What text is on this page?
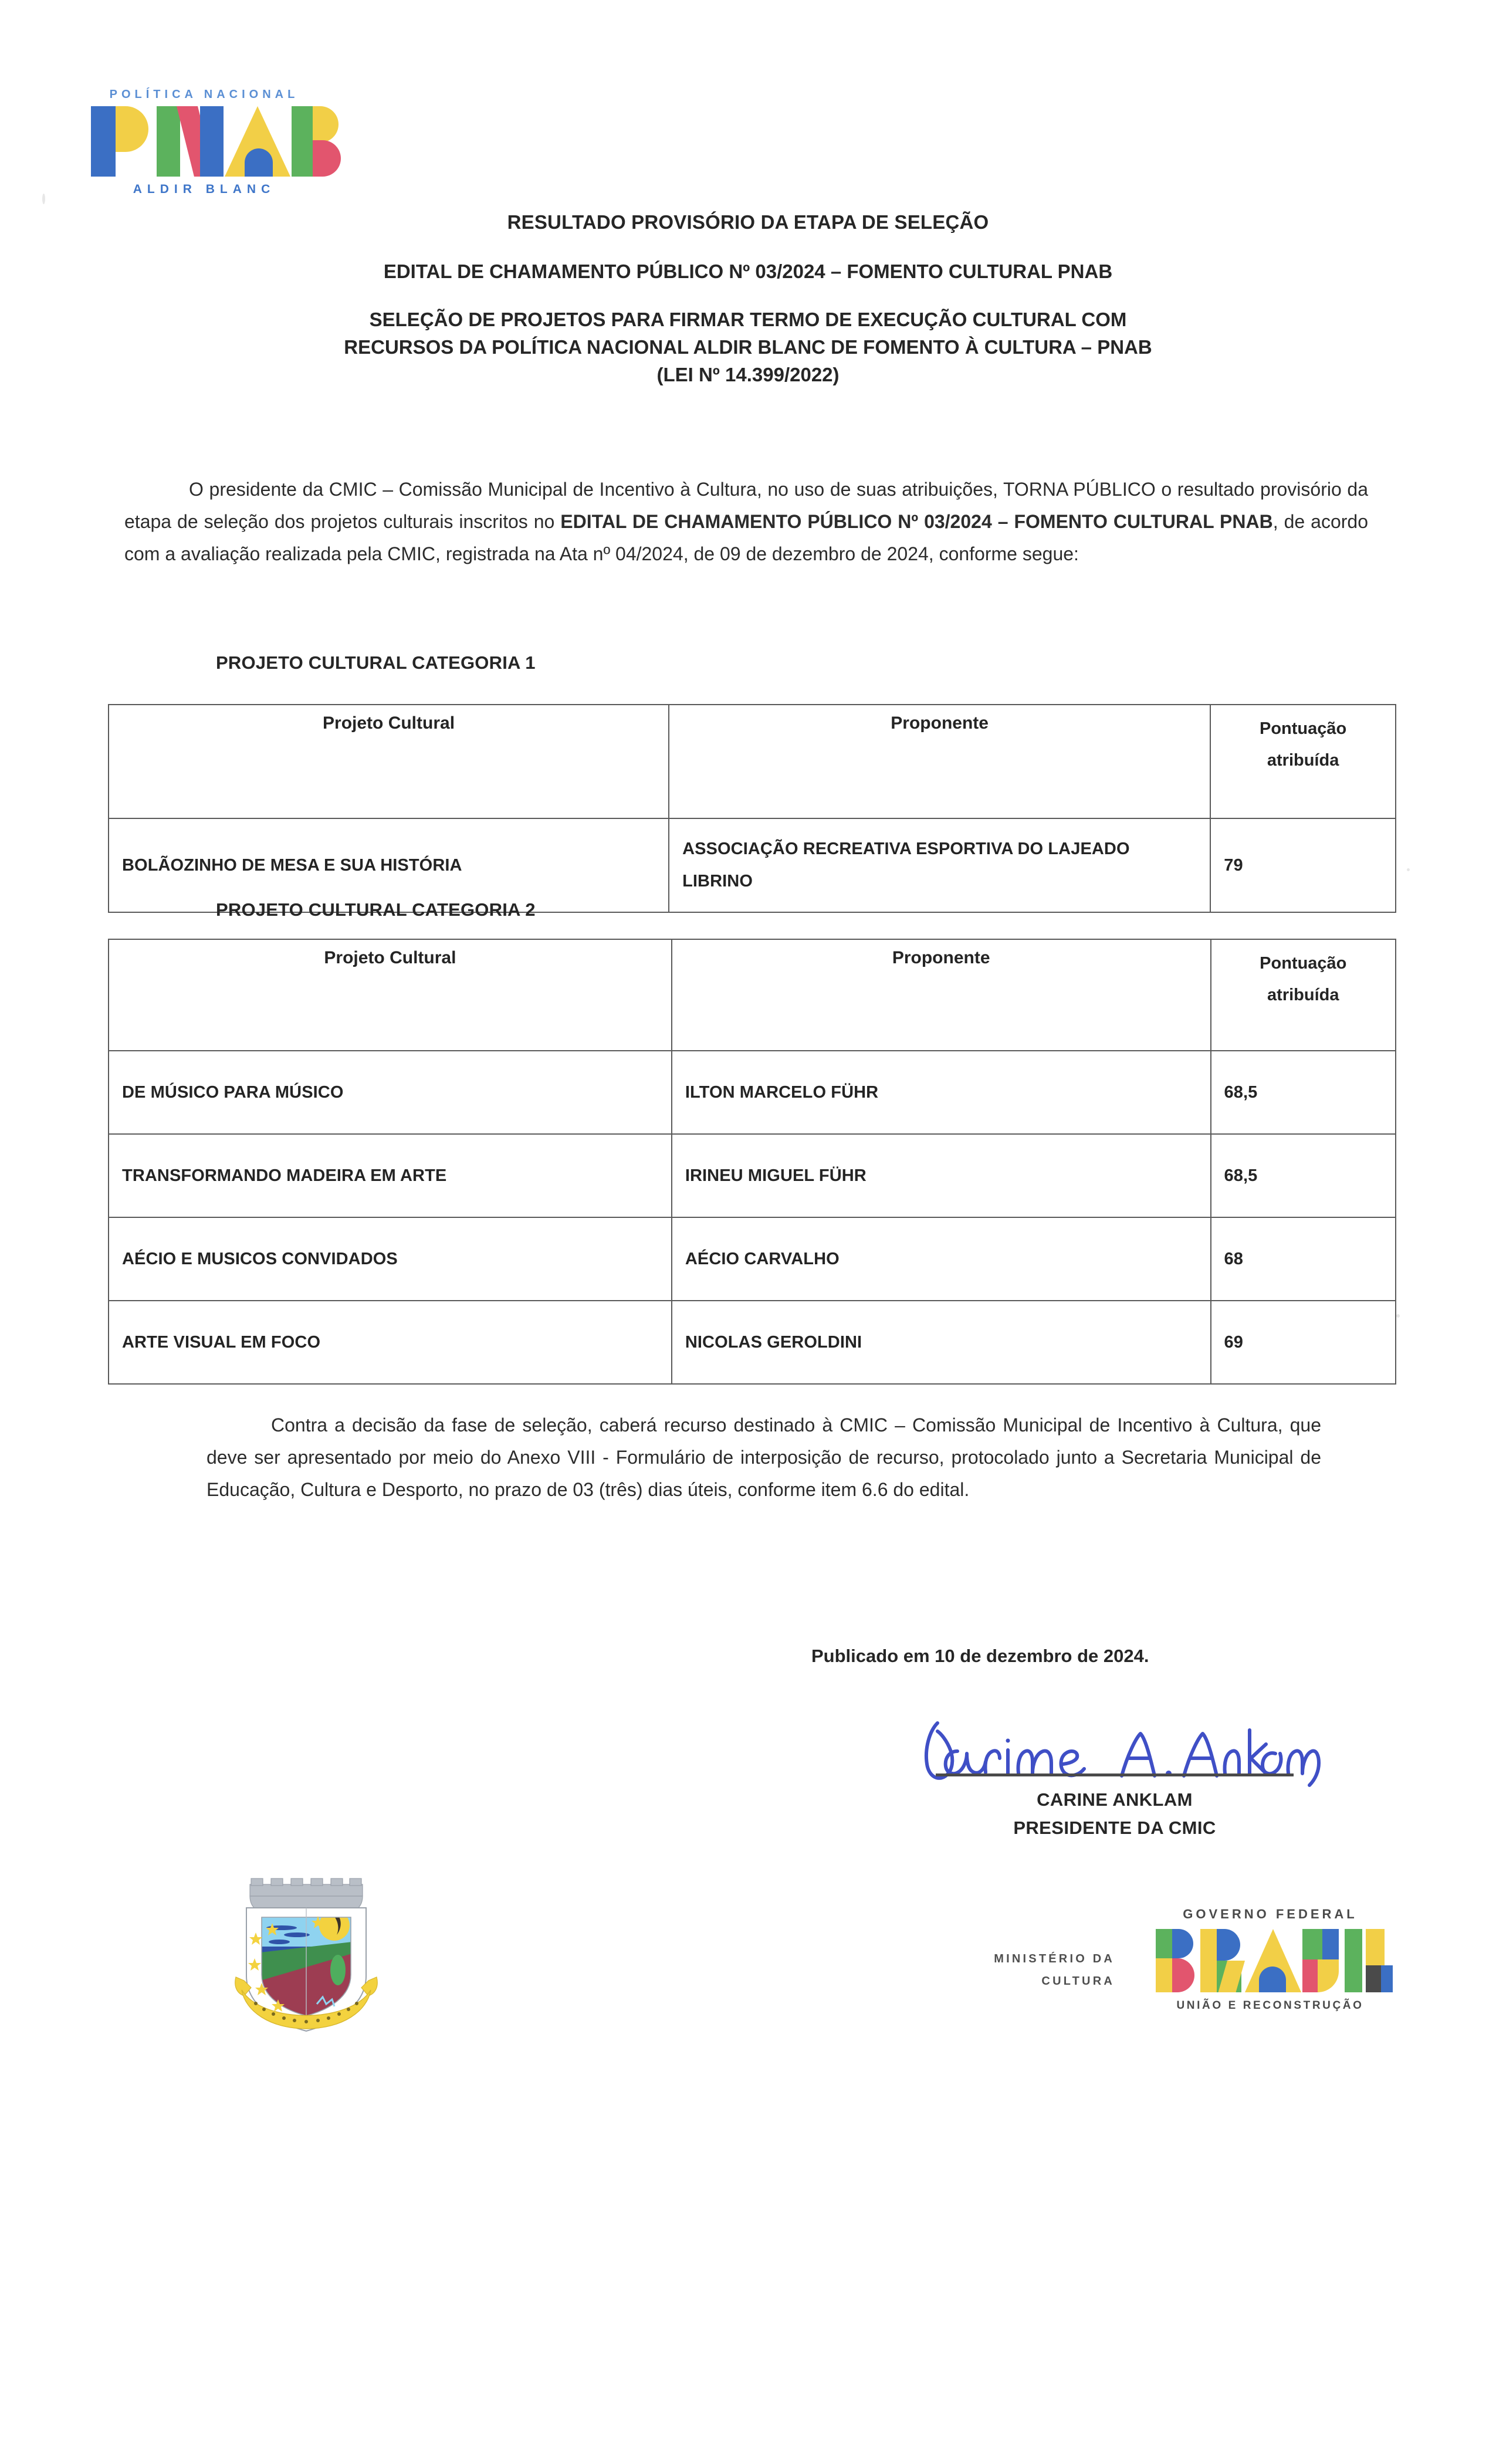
POLÍTICA NACIONAL
ALDIR BLANC
RESULTADO PROVISÓRIO DA ETAPA DE SELEÇÃO
EDITAL DE CHAMAMENTO PÚBLICO Nº 03/2024 – FOMENTO CULTURAL PNAB
SELEÇÃO DE PROJETOS PARA FIRMAR TERMO DE EXECUÇÃO CULTURAL COM
RECURSOS DA POLÍTICA NACIONAL ALDIR BLANC DE FOMENTO À CULTURA – PNAB
(LEI Nº 14.399/2022)

O presidente da CMIC – Comissão Municipal de Incentivo à Cultura, no uso de suas atribuições, TORNA PÚBLICO o resultado provisório da etapa de seleção dos projetos culturais inscritos no EDITAL DE CHAMAMENTO PÚBLICO Nº 03/2024 – FOMENTO CULTURAL PNAB, de acordo com a avaliação realizada pela CMIC, registrada na Ata nº 04/2024, de 09 de dezembro de 2024, conforme segue:

PROJETO CULTURAL CATEGORIA 1
Projeto Cultural	Proponente	Pontuação
atribuída

BOLÃOZINHO DE MESA E SUA HISTÓRIA	ASSOCIAÇÃO RECREATIVA ESPORTIVA DO LAJEADO LIBRINO	79
PROJETO CULTURAL CATEGORIA 2
Projeto Cultural	Proponente	Pontuação
atribuída

DE MÚSICO PARA MÚSICO	ILTON MARCELO FÜHR	68,5
TRANSFORMANDO MADEIRA EM ARTE	IRINEU MIGUEL FÜHR	68,5
AÉCIO E MUSICOS CONVIDADOS	AÉCIO CARVALHO	68
ARTE VISUAL EM FOCO	NICOLAS GEROLDINI	69

Contra a decisão da fase de seleção, caberá recurso destinado à CMIC – Comissão Municipal de Incentivo à Cultura, que deve ser apresentado por meio do Anexo VIII - Formulário de interposição de recurso, protocolado junto a Secretaria Municipal de Educação, Cultura e Desporto, no prazo de 03 (três) dias úteis, conforme item 6.6 do edital.

Publicado em 10 de dezembro de 2024.
CARINE ANKLAM
PRESIDENTE DA CMIC
MINISTÉRIO DA
CULTURA
GOVERNO FEDERAL
UNIÃO E RECONSTRUÇÃO
